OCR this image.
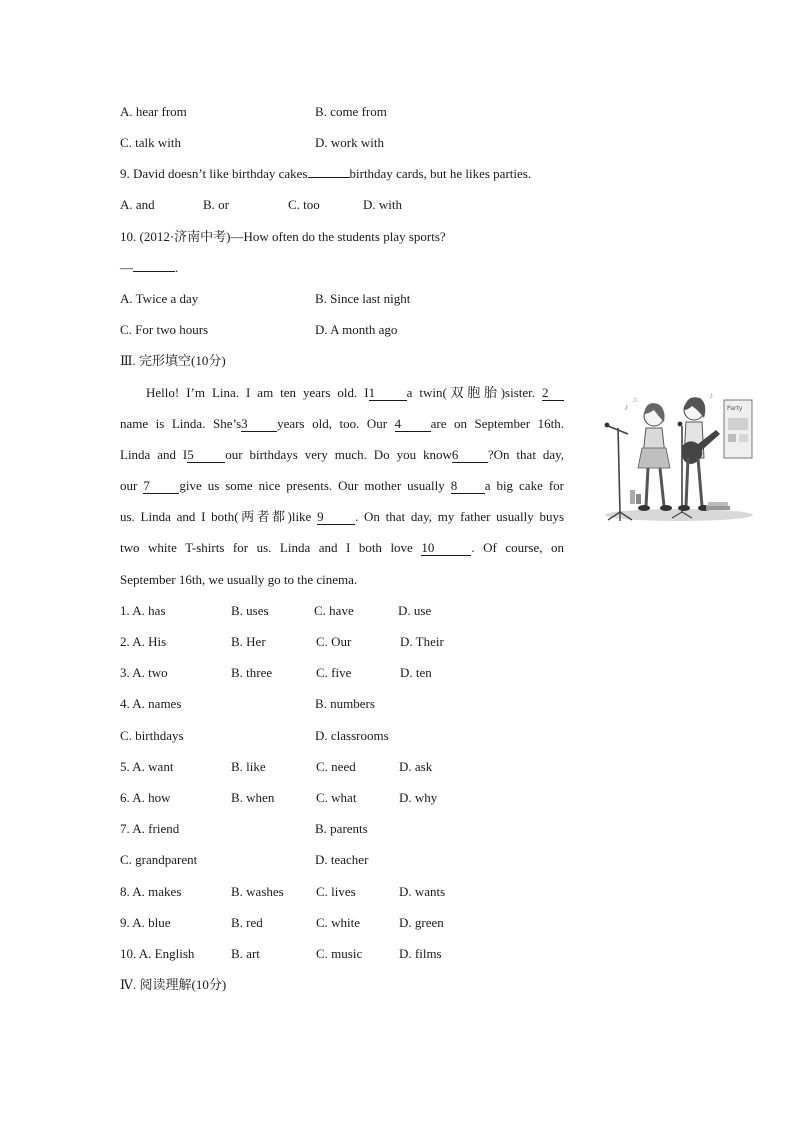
A. hear from	B. come from
C. talk with	D. work with
9. David doesn’t like birthday cakes	birthday cards, but he likes parties.
A. and	B. or	C. too	D. with
10. (2012·济南中考)—How often do the students play sports?
—	.
A. Twice a day	B. Since last night
C. For two hours	D. A month ago
Ⅲ. 完形填空(10分)
Hello! I’m Lina. I am ten years old. I1 a twin(双胞胎)sister. 2
name is Linda. She’s3 years old, too. Our 4 are on September 16th.
Linda and I5 our birthdays very much. Do you know6 ?On that day,
our 7 give us some nice presents. Our mother usually 8 a big cake for
us. Linda and I both(两者都)like 9 . On that day, my father usually buys
two white T-shirts for us. Linda and I both love 10	. Of course, on
September 16th, we usually go to the cinema.
Party
♪
♫	♪
1. A. has	B. uses	C. have	D. use
2. A. His	B. Her	C. Our	D. Their
3. A. two	B. three	C. five	D. ten
4. A. names	B. numbers
C. birthdays	D. classrooms
5. A. want	B. like	C. need	D. ask
6. A. how	B. when	C. what	D. why
7. A. friend	B. parents
C. grandparent	D. teacher
8. A. makes	B. washes C. lives	D. wants
9. A. blue	B. red	C. white	D. green
10. A. English	B. art	C. music	D. films
Ⅳ. 阅读理解(10分)
